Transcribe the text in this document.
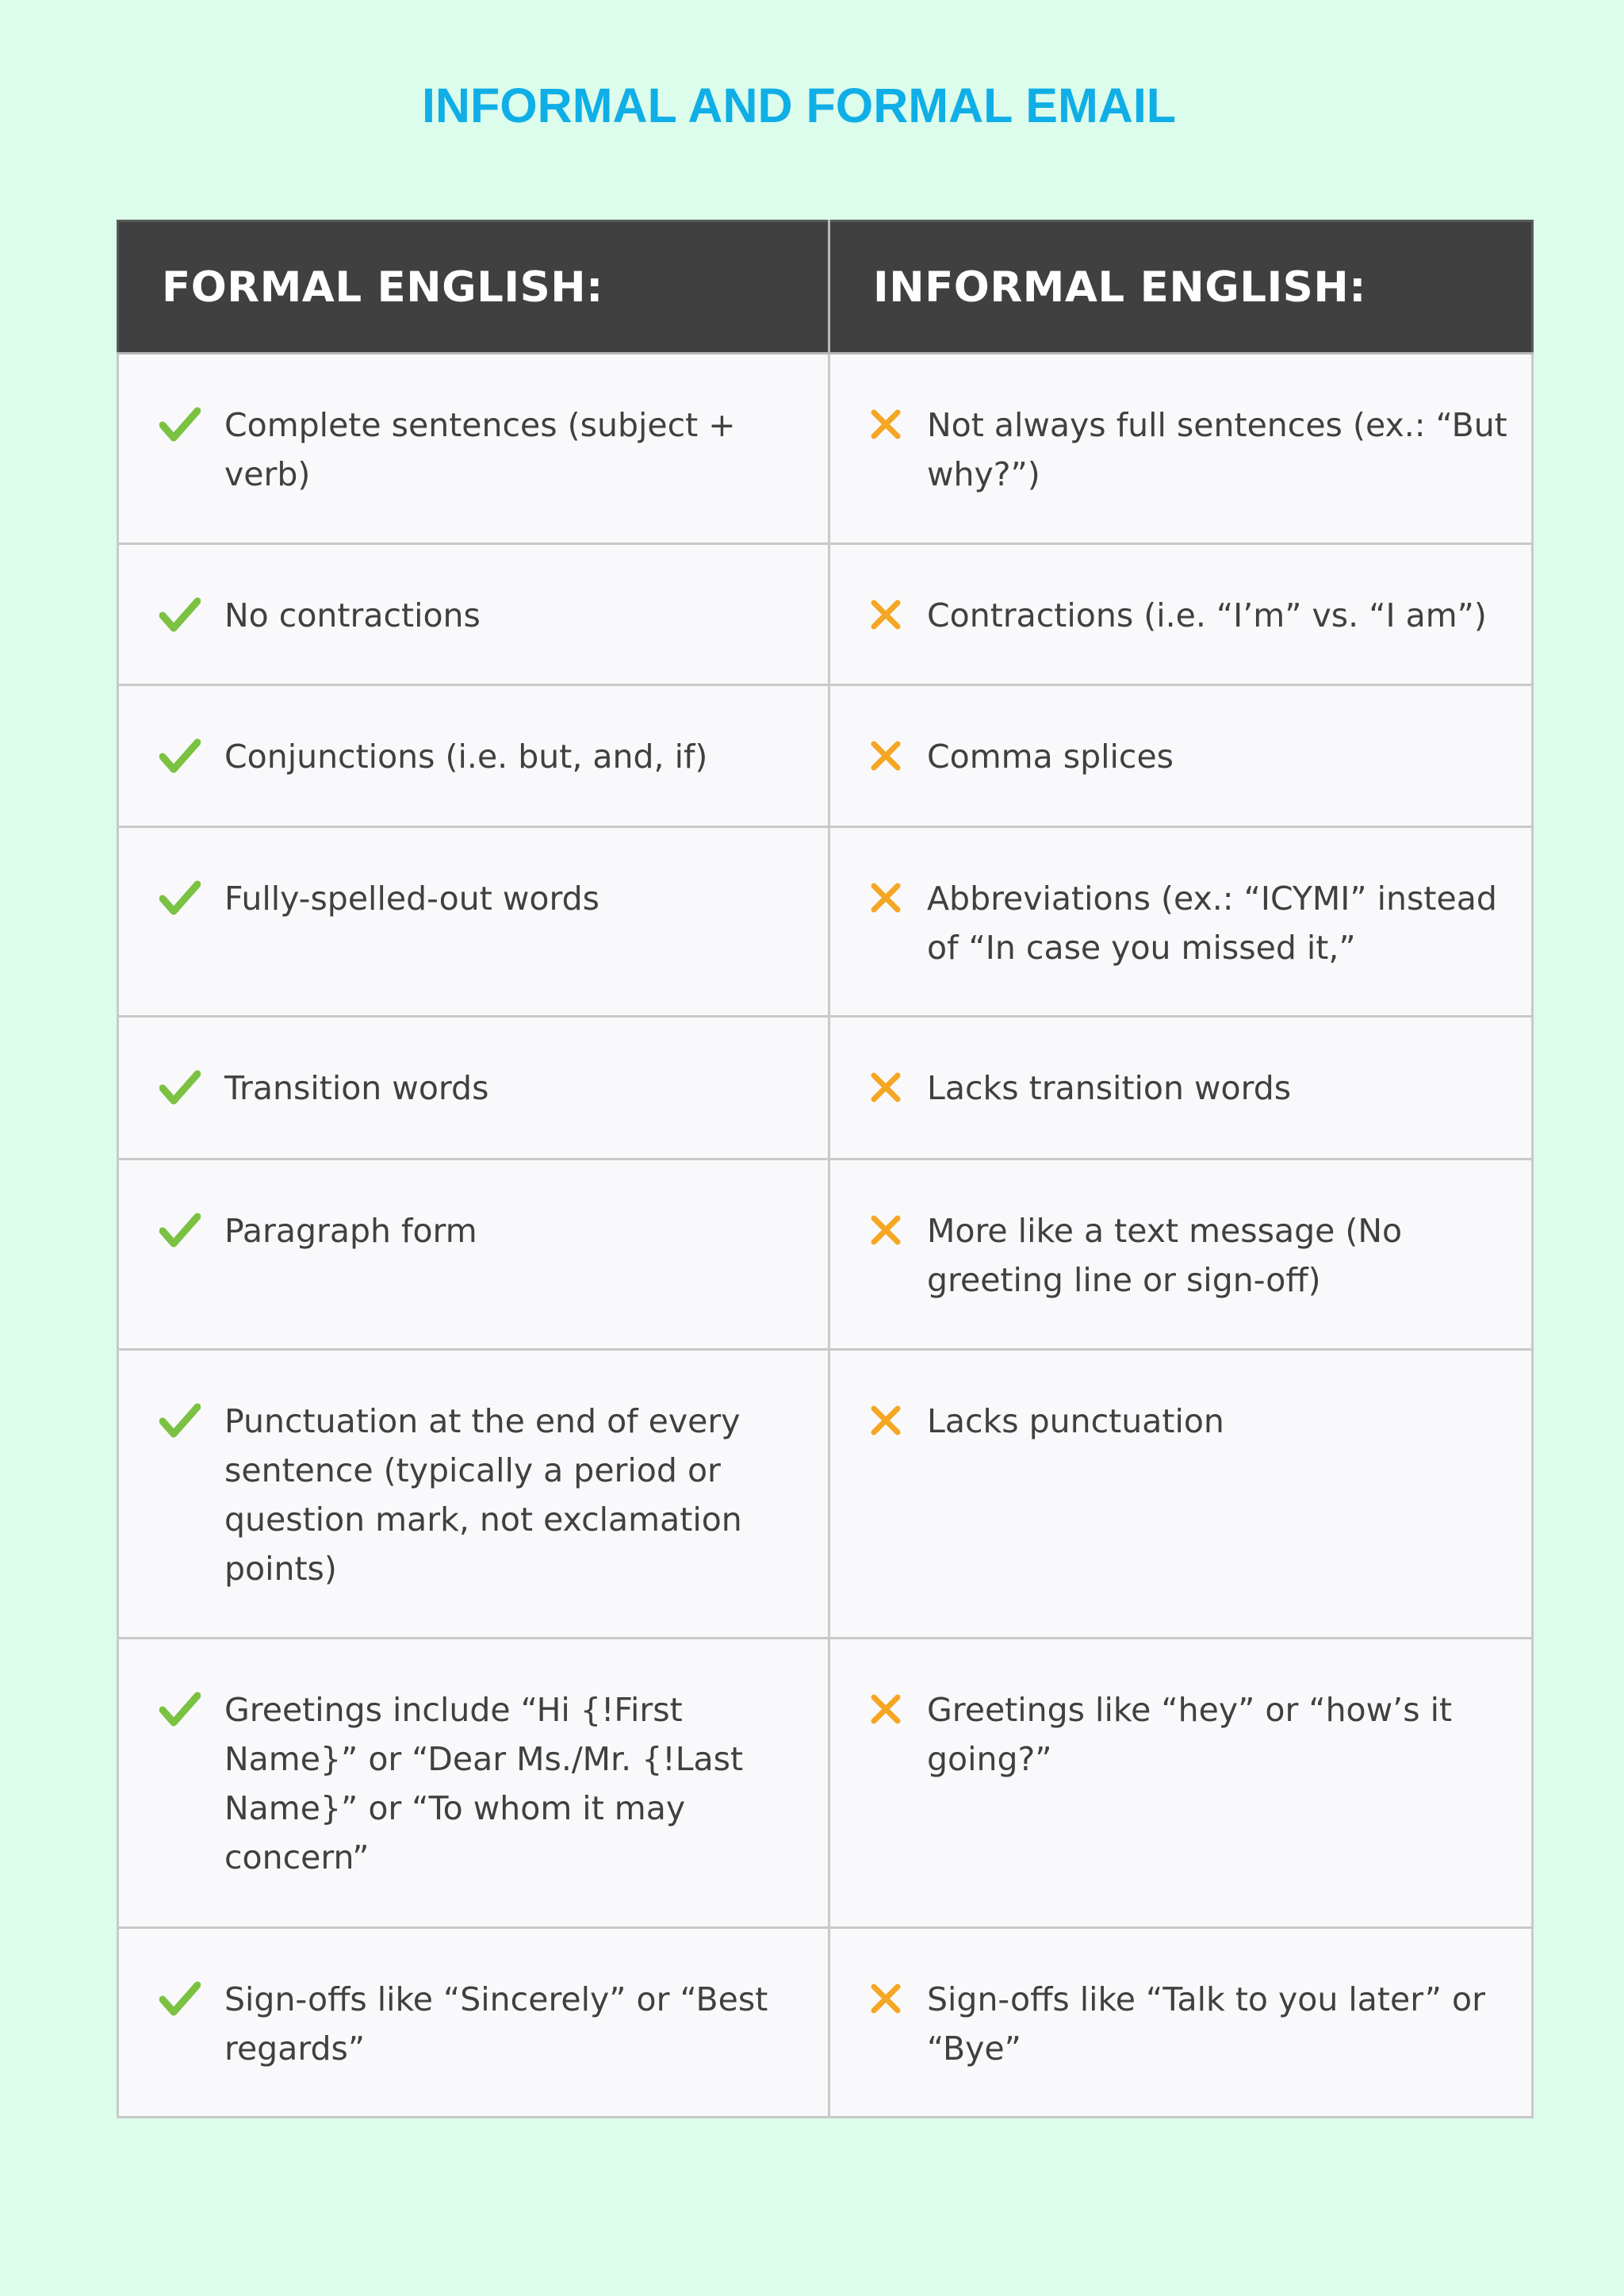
INFORMAL AND FORMAL EMAIL
FORMAL ENGLISH:	INFORMAL ENGLISH:

Complete sentences (subject + verb)	Not always full sentences (ex.: “But why?”)

No contractions	Contractions (i.e. “I’m” vs. “I am”)

Conjunctions (i.e. but, and, if)	Comma splices

Fully-spelled-out words	Abbreviations (ex.: “ICYMI” instead of “In case you missed it,”

Transition words	Lacks transition words

Paragraph form	More like a text message (No greeting line or sign-off)

Punctuation at the end of every sentence (typically a period or question mark, not exclamation points)	Lacks punctuation

Greetings include “Hi {!First Name}” or “Dear Ms./Mr. {!Last Name}” or “To whom it may concern”	Greetings like “hey” or “how’s it going?”

Sign-offs like “Sincerely” or “Best regards”	Sign-offs like “Talk to you later” or “Bye”
